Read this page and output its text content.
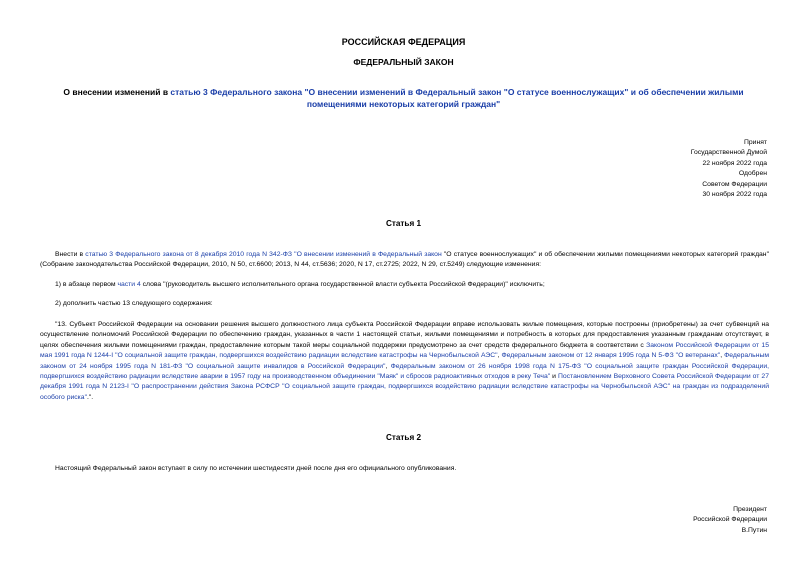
РОССИЙСКАЯ ФЕДЕРАЦИЯ
ФЕДЕРАЛЬНЫЙ ЗАКОН
О внесении изменений в статью 3 Федерального закона "О внесении изменений в Федеральный закон "О статусе военнослужащих" и об обеспечении жилыми помещениями некоторых категорий граждан"
Принят
Государственной Думой
22 ноября 2022 года
Одобрен
Советом Федерации
30 ноября 2022 года
Статья 1
Внести в статью 3 Федерального закона от 8 декабря 2010 года N 342-ФЗ "О внесении изменений в Федеральный закон "О статусе военнослужащих" и об обеспечении жилыми помещениями некоторых категорий граждан" (Собрание законодательства Российской Федерации, 2010, N 50, ст.6600; 2013, N 44, ст.5636; 2020, N 17, ст.2725; 2022, N 29, ст.5249) следующие изменения:
1) в абзаце первом части 4 слова "(руководитель высшего исполнительного органа государственной власти субъекта Российской Федерации)" исключить;
2) дополнить частью 13 следующего содержания:
"13. Субъект Российской Федерации на основании решения высшего должностного лица субъекта Российской Федерации вправе использовать жилые помещения, которые построены (приобретены) за счет субвенций на осуществление полномочий Российской Федерации по обеспечению граждан, указанных в части 1 настоящей статьи, жилыми помещениями и потребность в которых для предоставления указанным гражданам отсутствует, в целях обеспечения жилыми помещениями граждан, предоставление которым такой меры социальной поддержки предусмотрено за счет средств федерального бюджета в соответствии с Законом Российской Федерации от 15 мая 1991 года N 1244-I "О социальной защите граждан, подвергшихся воздействию радиации вследствие катастрофы на Чернобыльской АЭС", Федеральным законом от 12 января 1995 года N 5-ФЗ "О ветеранах", Федеральным законом от 24 ноября 1995 года N 181-ФЗ "О социальной защите инвалидов в Российской Федерации", Федеральным законом от 26 ноября 1998 года N 175-ФЗ "О социальной защите граждан Российской Федерации, подвергшихся воздействию радиации вследствие аварии в 1957 году на производственном объединении "Маяк" и сбросов радиоактивных отходов в реку Теча" и Постановлением Верховного Совета Российской Федерации от 27 декабря 1991 года N 2123-I "О распространении действия Закона РСФСР "О социальной защите граждан, подвергшихся воздействию радиации вследствие катастрофы на Чернобыльской АЭС" на граждан из подразделений особого риска".".
Статья 2
Настоящий Федеральный закон вступает в силу по истечении шестидесяти дней после дня его официального опубликования.
Президент
Российской Федерации
В.Путин
